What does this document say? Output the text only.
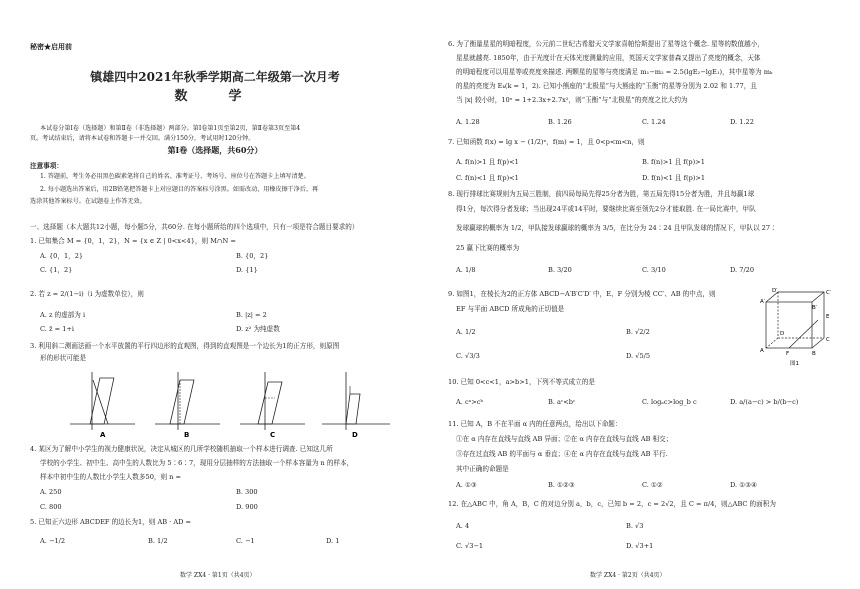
秘密★启用前
镇雄四中2021年秋季学期高二年级第一次月考
数　学
本试卷分第Ⅰ卷（选择题）和第Ⅱ卷（非选择题）两部分。第Ⅰ卷第1页至第2页，第Ⅱ卷第3页至第4
页。考试结束后，请将本试卷和答题卡一并交回。满分150分，考试用时120分钟。
第Ⅰ卷（选择题，共60分）
注意事项：
1. 答题前，考生务必用黑色碳素笔将自己的姓名、准考证号、考场号、座位号在答题卡上填写清楚。
2. 每小题选出答案后，用2B铅笔把答题卡上对应题目的答案标号涂黑。如需改动，用橡皮擦干净后，再
选涂其他答案标号。在试题卷上作答无效。
一、选择题（本大题共12小题，每小题5分，共60分. 在每小题所给的四个选项中，只有一项是符合题目要求的）
1. 已知集合 M = {0，1，2}，N = {x ∈ Z | 0<x<4}，则 M∩N =
A. {0，1，2}	B. {0，2}
C. {1，2}	D. {1}
2. 若 z = 2/(1−i)（i 为虚数单位），则
A. z 的虚部为 i	B. |z| = 2
C. z̄ = 1+i	D. z² 为纯虚数
3. 利用斜二测画法画一个水平放置的平行四边形的直观图，得到的直观图是一个边长为1的正方形，则原图
形的形状可能是
A	B	C	D
4. 某区为了解中小学生的视力健康状况，决定从城区的几所学校随机抽取一个样本进行调查. 已知这几所
学校的小学生、初中生、高中生的人数比为 5∶6∶7，现用分层抽样的方法抽取一个样本容量为 n 的样本，
样本中初中生的人数比小学生人数多50，则 n =
A. 250	B. 300
C. 800	D. 900
5. 已知正六边形 ABCDEF 的边长为1，则 AB · AD =
A. −1/2	B. 1/2	C. −1	D. 1
数学 ZX4 · 第1页（共4页）
6. 为了衡量星星的明暗程度，公元前二世纪古希腊天文学家喜帕恰斯提出了星等这个概念. 星等的数值越小，
星星就越亮. 1850年，由于光度计在天体光度测量的应用，英国天文学家普森又提出了亮度的概念，天体
的明暗程度可以用星等或亮度来描述. 两颗星的星等与亮度满足 m₁−m₂ = 2.5(lgE₂−lgE₁)，其中星等为 mₖ
的星的亮度为 Eₖ(k = 1，2). 已知小熊座的“北极星”与大熊座的“玉衡”的星等分别为 2.02 和 1.77，且
当 |x| 较小时，10ˣ ≈ 1+2.3x+2.7x²，则“玉衡”与“北极星”的亮度之比大约为
A. 1.28	B. 1.26	C. 1.24	D. 1.22
7. 已知函数 f(x) = lg x − (1/2)ˣ，f(m) = 1，且 0<p<m<n，则
A. f(n)>1 且 f(p)<1	B. f(n)>1 且 f(p)>1
C. f(n)<1 且 f(p)<1	D. f(n)<1 且 f(p)>1
8. 现行排球比赛规则为五局三胜制，前四局每局先得25分者为胜，第五局先得15分者为胜，并且每赢1球
得1分，每次得分者发球；当出现24平或14平时，要继续比赛至领先2分才能取胜. 在一局比赛中，甲队
发球赢球的概率为 1/2，甲队接发球赢球的概率为 3/5，在比分为 24∶24 且甲队发球的情况下，甲队以 27∶
25 赢下比赛的概率为
A. 1/8	B. 3/20	C. 3/10	D. 7/20
9. 如图1，在棱长为2的正方体 ABCD−A′B′C′D′ 中，E、F 分别为棱 CC′、AB 的中点，则
EF 与平面 ABCD 所成角的正切值是
A. 1/2	B. √2/2
C. √3/3	D. √5/5
A′
B′
C′
D′
A	B
C
D
E
F
图1
10. 已知 0<c<1，a>b>1，下列不等式成立的是
A. cᵃ>cᵇ	B. aᶜ<bᶜ	C. logₐc>log_b c	D. a/(a−c) > b/(b−c)
11. 已知 A，B 不在平面 α 内的任意两点，给出以下命题：
①在 α 内存在直线与直线 AB 异面；②在 α 内存在直线与直线 AB 相交；
③存在过直线 AB 的平面与 α 垂直；④在 α 内存在直线与直线 AB 平行.
其中正确的命题是
A. ①③	B. ①②③	C. ①②	D. ①③④
12. 在△ABC 中，角 A，B，C 的对边分别 a，b，c，已知 b = 2，c = 2√2，且 C = π/4，则△ABC 的面积为
A. 4	B. √3
C. √3−1	D. √3+1
数学 ZX4 · 第2页（共4页）
